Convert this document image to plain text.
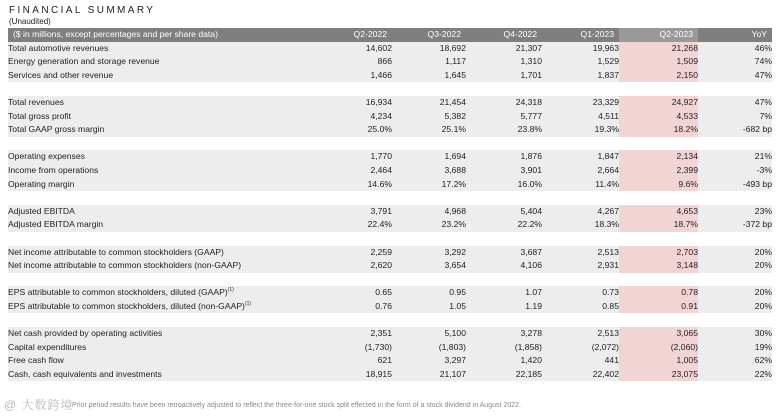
FINANCIAL SUMMARY
(Unaudited)
($ in millions, except percentages and per share data)	Q2-2022	Q3-2022	Q4-2022	Q1-2023	Q2-2023	YoY
Total automotive revenues	14,602	18,692	21,307	19,963	21,268	46%
Energy generation and storage revenue	866	1,117	1,310	1,529	1,509	74%
Services and other revenue	1,466	1,645	1,701	1,837	2,150	47%

Total revenues	16,934	21,454	24,318	23,329	24,927	47%
Total gross profit	4,234	5,382	5,777	4,511	4,533	7%
Total GAAP gross margin	25.0%	25.1%	23.8%	19.3%	18.2%	-682 bp

Operating expenses	1,770	1,694	1,876	1,847	2,134	21%
Income from operations	2,464	3,688	3,901	2,664	2,399	-3%
Operating margin	14.6%	17.2%	16.0%	11.4%	9.6%	-493 bp

Adjusted EBITDA	3,791	4,968	5,404	4,267	4,653	23%
Adjusted EBITDA margin	22.4%	23.2%	22.2%	18.3%	18.7%	-372 bp

Net income attributable to common stockholders (GAAP)	2,259	3,292	3,687	2,513	2,703	20%
Net income attributable to common stockholders (non-GAAP)	2,620	3,654	4,106	2,931	3,148	20%

EPS attributable to common stockholders, diluted (GAAP)$^{(1)}$	0.65	0.95	1.07	0.73	0.78	20%
EPS attributable to common stockholders, diluted (non-GAAP)$^{(1)}$	0.76	1.05	1.19	0.85	0.91	20%

Net cash provided by operating activities	2,351	5,100	3,278	2,513	3,065	30%
Capital expenditures	(1,730)	(1,803)	(1,858)	(2,072)	(2,060)	19%
Free cash flow	621	3,297	1,420	441	1,005	62%
Cash, cash equivalents and investments	18,915	21,107	22,185	22,402	23,075	22%
Prior period results have been retroactively adjusted to reflect the three-for-one stock split effected in the form of a stock dividend in August 2022.
@ 大数跨境
